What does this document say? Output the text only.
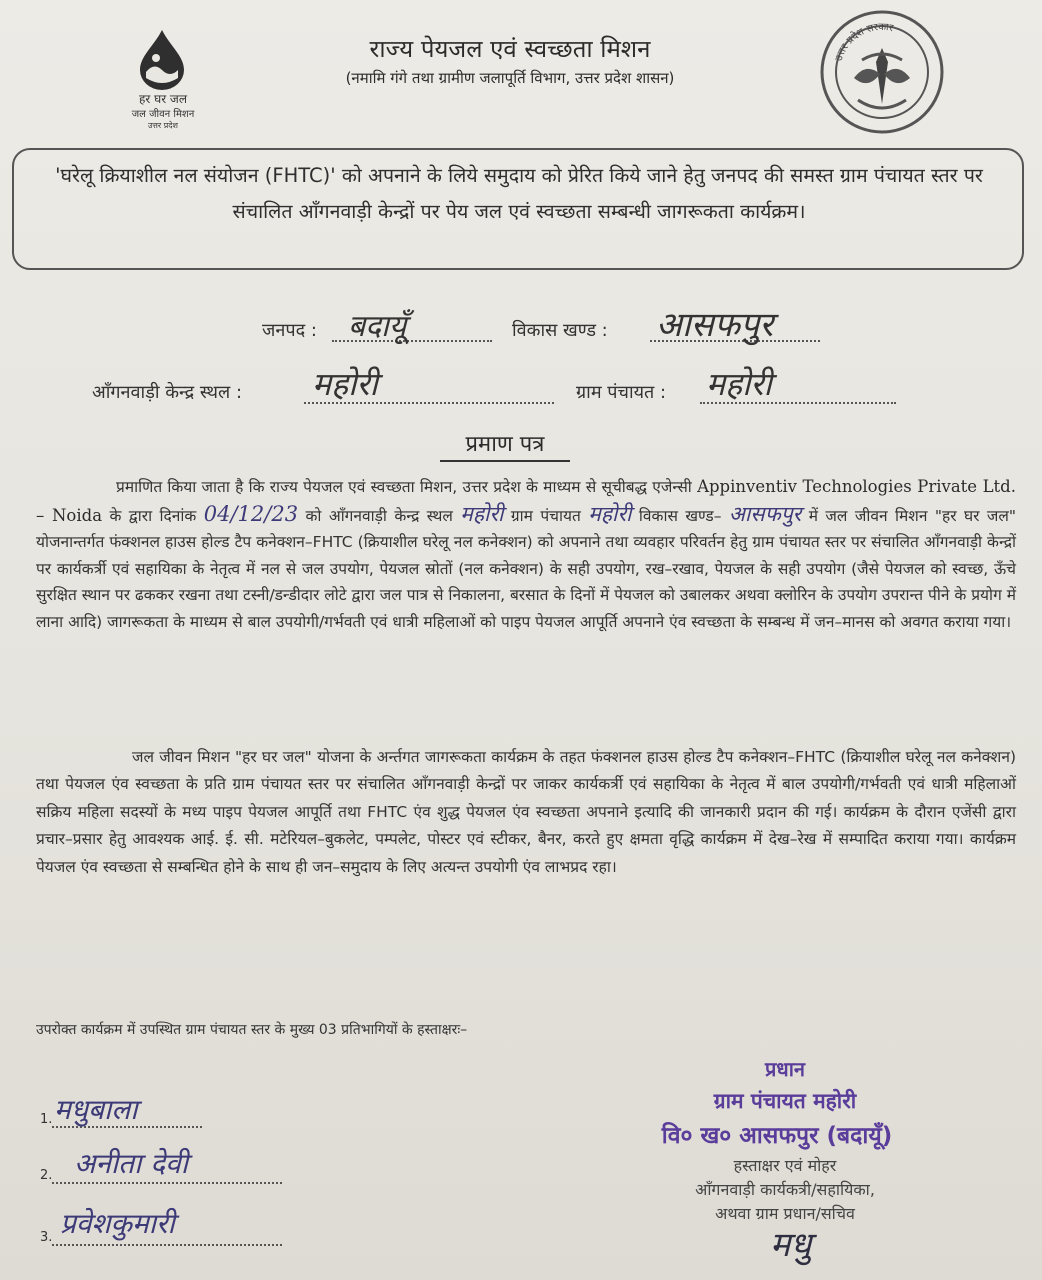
हर घर जल
जल जीवन मिशन
उत्तर प्रदेश
राज्य पेयजल एवं स्वच्छता मिशन
(नमामि गंगे तथा ग्रामीण जलापूर्ति विभाग, उत्तर प्रदेश शासन)
उत्तर प्रदेश सरकार
'घरेलू क्रियाशील नल संयोजन (FHTC)' को अपनाने के लिये समुदाय को प्रेरित किये जाने हेतु जनपद की समस्त ग्राम पंचायत स्तर पर संचालित आँगनवाड़ी केन्द्रों पर पेय जल एवं स्वच्छता सम्बन्धी जागरूकता कार्यक्रम।
जनपद : बदायूँ	विकास खण्ड : आसफपुर
आँगनवाड़ी केन्द्र स्थल : महोरी	ग्राम पंचायत : महोरी
प्रमाण पत्र
प्रमाणित किया जाता है कि राज्य पेयजल एवं स्वच्छता मिशन, उत्तर प्रदेश के माध्यम से सूचीबद्ध एजेन्सी Appinventiv Technologies Private Ltd. – Noida के द्वारा दिनांक 04/12/23 को आँगनवाड़ी केन्द्र स्थल महोरी ग्राम पंचायत महोरी विकास खण्ड– आसफपुर में जल जीवन मिशन "हर घर जल" योजनान्तर्गत फंक्शनल हाउस होल्ड टैप कनेक्शन–FHTC (क्रियाशील घरेलू नल कनेक्शन) को अपनाने तथा व्यवहार परिवर्तन हेतु ग्राम पंचायत स्तर पर संचालित आँगनवाड़ी केन्द्रों पर कार्यकर्त्री एवं सहायिका के नेतृत्व में नल से जल उपयोग, पेयजल स्रोतों (नल कनेक्शन) के सही उपयोग, रख–रखाव, पेयजल के सही उपयोग (जैसे पेयजल को स्वच्छ, ऊँचे सुरक्षित स्थान पर ढककर रखना तथा टस्नी/डन्डीदार लोटे द्वारा जल पात्र से निकालना, बरसात के दिनों में पेयजल को उबालकर अथवा क्लोरिन के उपयोग उपरान्त पीने के प्रयोग में लाना आदि) जागरूकता के माध्यम से बाल उपयोगी/गर्भवती एवं धात्री महिलाओं को पाइप पेयजल आपूर्ति अपनाने एंव स्वच्छता के सम्बन्ध में जन–मानस को अवगत कराया गया।
जल जीवन मिशन "हर घर जल" योजना के अर्न्तगत जागरूकता कार्यक्रम के तहत फंक्शनल हाउस होल्ड टैप कनेक्शन–FHTC (क्रियाशील घरेलू नल कनेक्शन) तथा पेयजल एंव स्वच्छता के प्रति ग्राम पंचायत स्तर पर संचालित आँगनवाड़ी केन्द्रों पर जाकर कार्यकर्त्री एवं सहायिका के नेतृत्व में बाल उपयोगी/गर्भवती एवं धात्री महिलाओं सक्रिय महिला सदस्यों के मध्य पाइप पेयजल आपूर्ति तथा FHTC एंव शुद्ध पेयजल एंव स्वच्छता अपनाने इत्यादि की जानकारी प्रदान की गई। कार्यक्रम के दौरान एजेंसी द्वारा प्रचार–प्रसार हेतु आवश्यक आई. ई. सी. मटेरियल–बुकलेट, पम्पलेट, पोस्टर एवं स्टीकर, बैनर, करते हुए क्षमता वृद्धि कार्यक्रम में देख–रेख में सम्पादित कराया गया। कार्यक्रम पेयजल एंव स्वच्छता से सम्बन्धित होने के साथ ही जन–समुदाय के लिए अत्यन्त उपयोगी एंव लाभप्रद रहा।
उपरोक्त कार्यक्रम में उपस्थित ग्राम पंचायत स्तर के मुख्य 03 प्रतिभागियों के हस्ताक्षरः–
1. मधुबाला
2. अनीता देवी
3. प्रवेशकुमारी
प्रधान
ग्राम पंचायत महोरी
वि० ख० आसफपुर (बदायूँ)
हस्ताक्षर एवं मोहर
आँगनवाड़ी कार्यकत्री/सहायिका,
अथवा ग्राम प्रधान/सचिव
मधु
